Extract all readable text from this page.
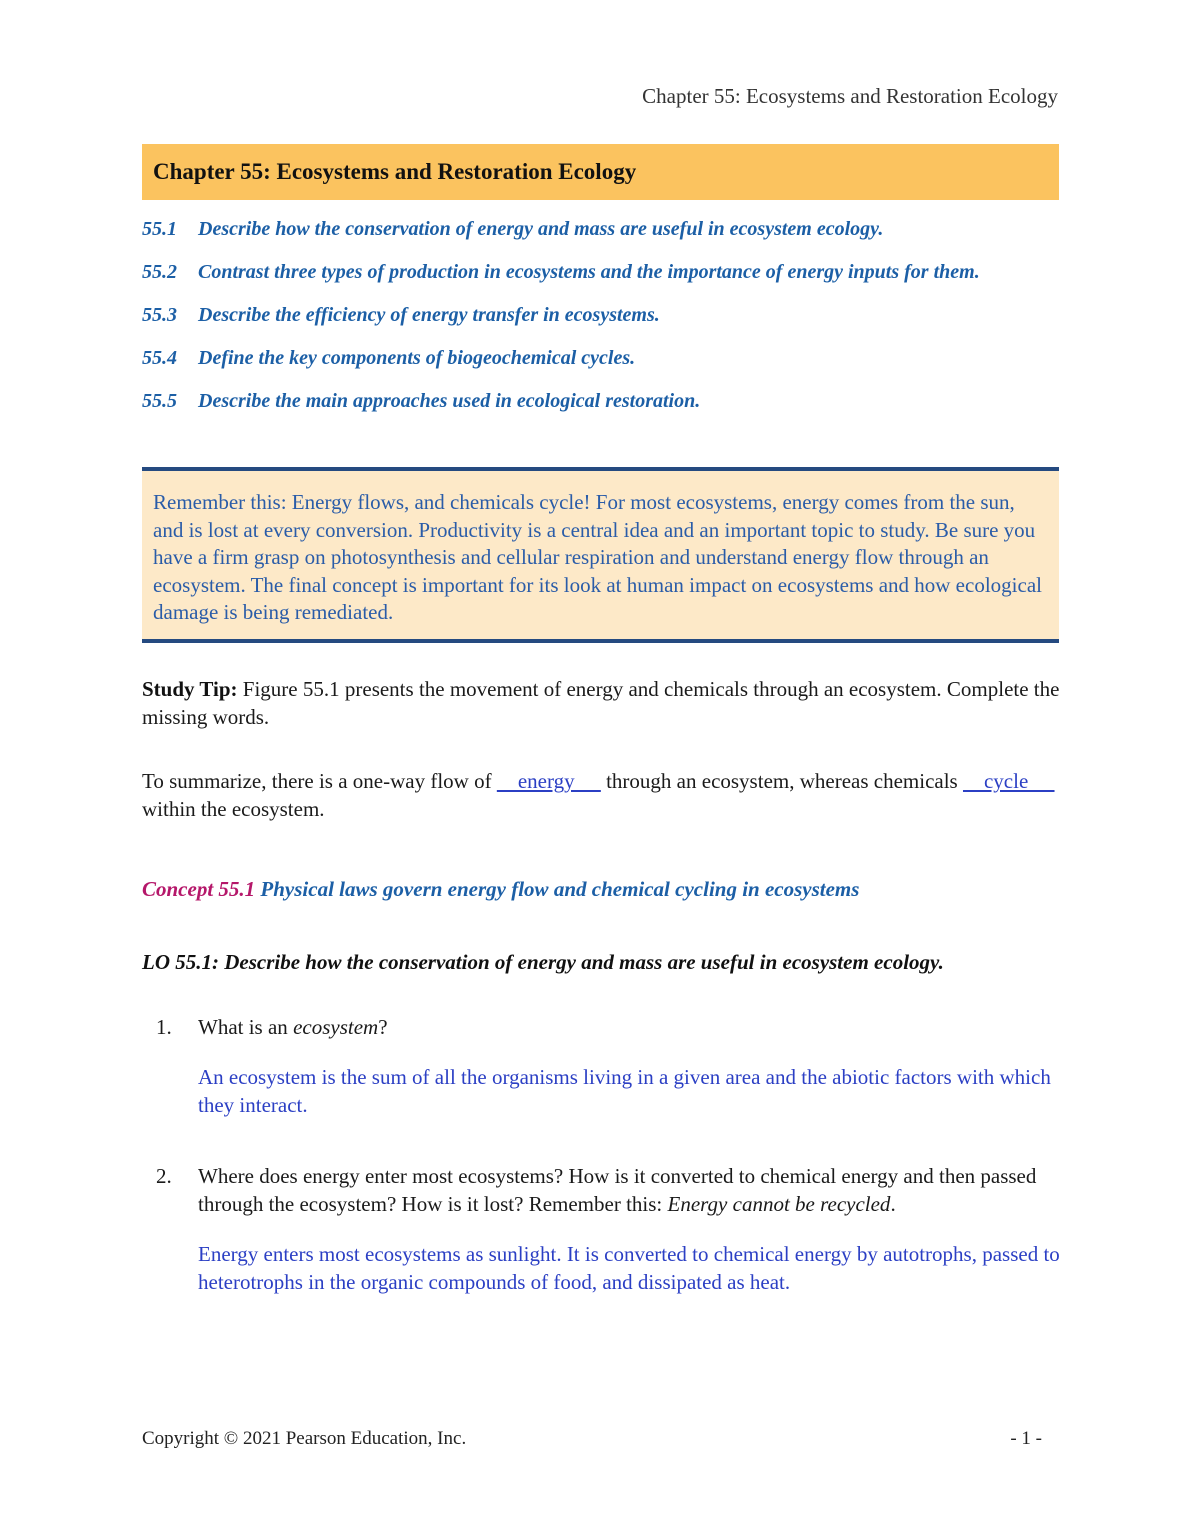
Chapter 55: Ecosystems and Restoration Ecology
Chapter 55: Ecosystems and Restoration Ecology
55.1	Describe how the conservation of energy and mass are useful in ecosystem ecology.
55.2	Contrast three types of production in ecosystems and the importance of energy inputs for them.
55.3	Describe the efficiency of energy transfer in ecosystems.
55.4	Define the key components of biogeochemical cycles.
55.5	Describe the main approaches used in ecological restoration.
Remember this: Energy flows, and chemicals cycle! For most ecosystems, energy comes from the sun, and is lost at every conversion. Productivity is a central idea and an important topic to study. Be sure you have a firm grasp on photosynthesis and cellular respiration and understand energy flow through an ecosystem. The final concept is important for its look at human impact on ecosystems and how ecological damage is being remediated.
Study Tip: Figure 55.1 presents the movement of energy and chemicals through an ecosystem. Complete the missing words.
To summarize, there is a one-way flow of     energy      through an ecosystem, whereas chemicals     cycle      within the ecosystem.
Concept 55.1 Physical laws govern energy flow and chemical cycling in ecosystems
LO 55.1: Describe how the conservation of energy and mass are useful in ecosystem ecology.
1. What is an ecosystem?
An ecosystem is the sum of all the organisms living in a given area and the abiotic factors with which they interact.
2. Where does energy enter most ecosystems? How is it converted to chemical energy and then passed through the ecosystem? How is it lost? Remember this: Energy cannot be recycled.
Energy enters most ecosystems as sunlight. It is converted to chemical energy by autotrophs, passed to heterotrophs in the organic compounds of food, and dissipated as heat.
Copyright © 2021 Pearson Education, Inc.	- 1 -
